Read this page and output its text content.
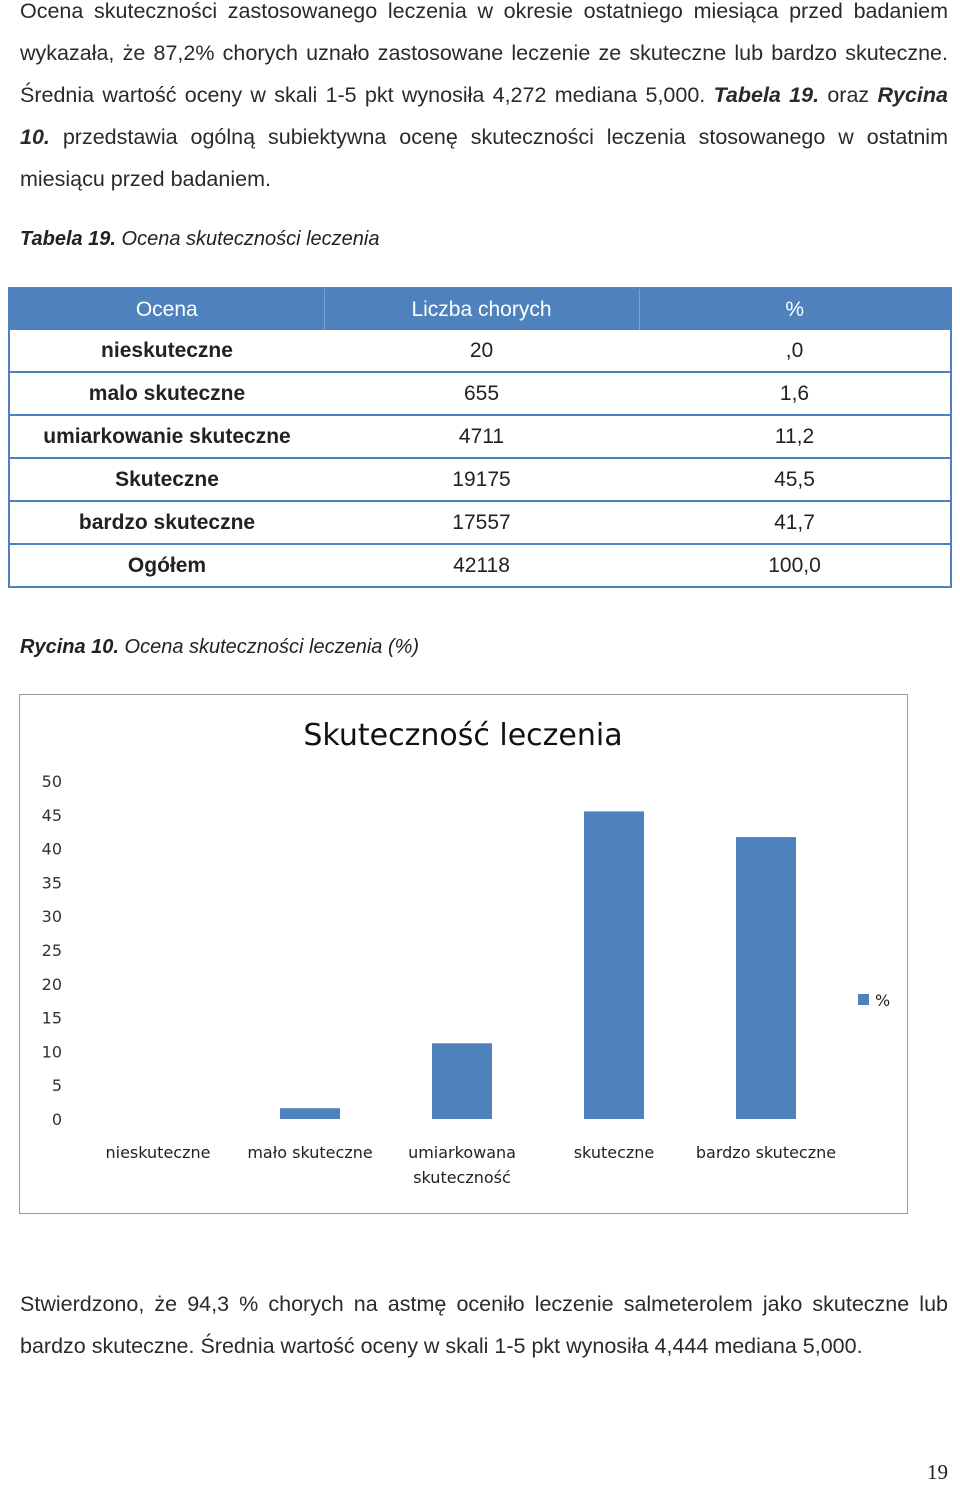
Ocena skuteczności zastosowanego leczenia w okresie ostatniego miesiąca przed badaniem wykazała, że 87,2% chorych uznało zastosowane leczenie ze skuteczne lub bardzo skuteczne. Średnia wartość oceny w skali 1-5 pkt wynosiła 4,272 mediana 5,000. Tabela 19. oraz Rycina 10. przedstawia ogólną subiektywna ocenę skuteczności leczenia stosowanego w ostatnim miesiącu przed badaniem.
Tabela 19. Ocena skuteczności leczenia
Ocena	Liczba chorych	%
nieskuteczne	20	,0
malo skuteczne	655	1,6
umiarkowanie skuteczne	4711	11,2
Skuteczne	19175	45,5
bardzo skuteczne	17557	41,7
Ogółem	42118	100,0
Rycina 10. Ocena skuteczności leczenia (%)
Skuteczność leczenia
0
5
10
15
20
25
30
35
40
45
50
nieskuteczne mało skuteczne umiarkowana
skuteczność
skuteczne	bardzo skuteczne
%
Stwierdzono, że 94,3 % chorych na astmę oceniło leczenie salmeterolem jako skuteczne lub bardzo skuteczne. Średnia wartość oceny w skali 1-5 pkt wynosiła 4,444 mediana 5,000.
19
